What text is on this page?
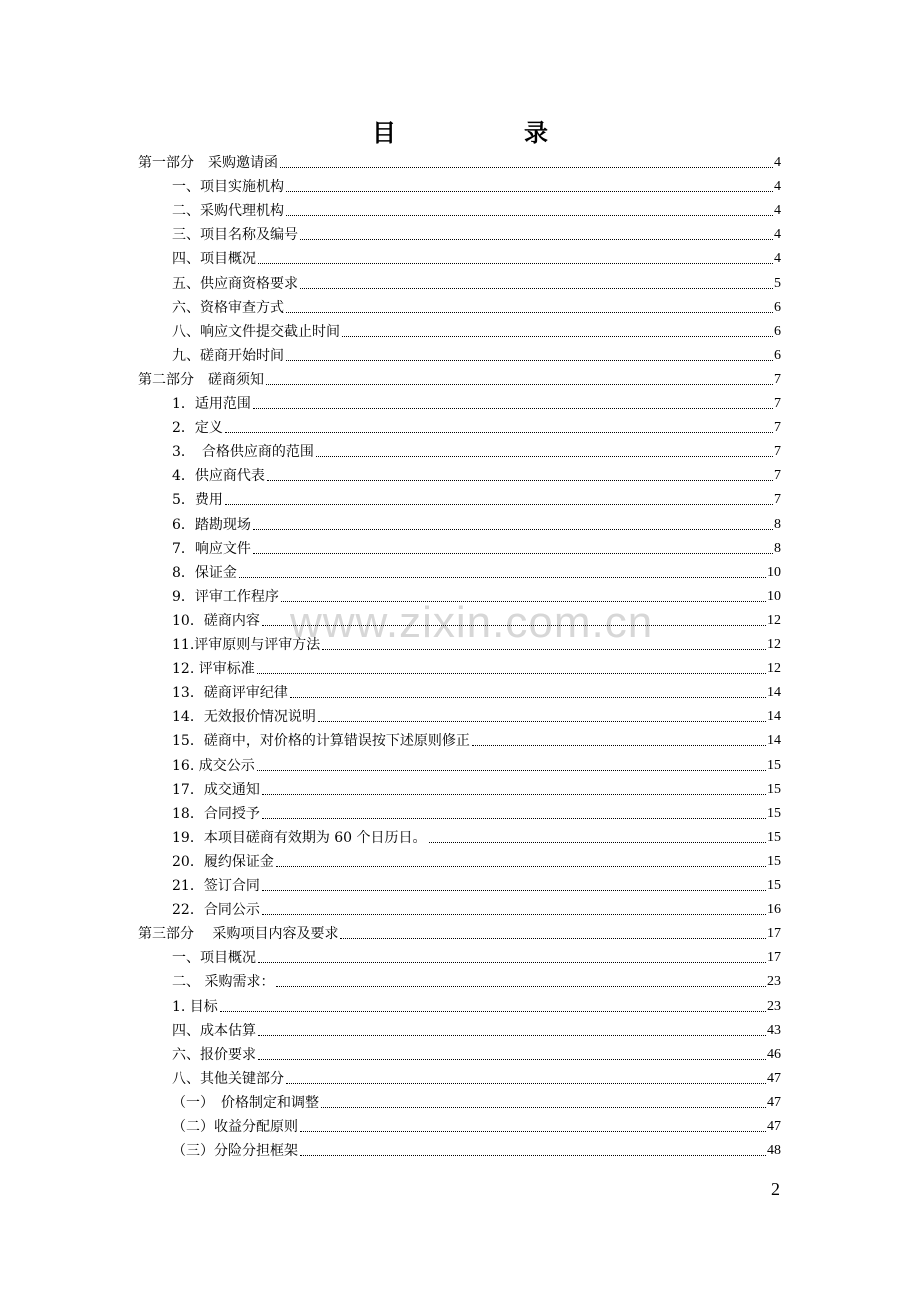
www.zixin.com.cn
目　录
第一部分　采购邀请函	4
一、项目实施机构	4
二、采购代理机构	4
三、项目名称及编号	4
四、项目概况	4
五、供应商资格要求	5
六、资格审查方式	6
八、响应文件提交截止时间	6
九、磋商开始时间	6
第二部分　磋商须知	7
1．适用范围	7
2．定义	7
3．　合格供应商的范围	7
4．供应商代表	7
5．费用	7
6．踏勘现场	8
7．响应文件	8
8．保证金	10
9．评审工作程序	10
10．磋商内容	12
11.评审原则与评审方法	12
12. 评审标准	12
13．磋商评审纪律	14
14．无效报价情况说明	14
15．磋商中，对价格的计算错误按下述原则修正	14
16. 成交公示	15
17．成交通知	15
18．合同授予	15
19．本项目磋商有效期为 60 个日历日。	15
20．履约保证金	15
21．签订合同	15
22．合同公示	16
第三部分　 采购项目内容及要求	17
一、项目概况	17
二、 采购需求：	23
1. 目标	23
四、成本估算	43
六、报价要求	46
八、其他关键部分	47
（一）　价格制定和调整	47
（二）收益分配原则	47
（三）分险分担框架	48
2
